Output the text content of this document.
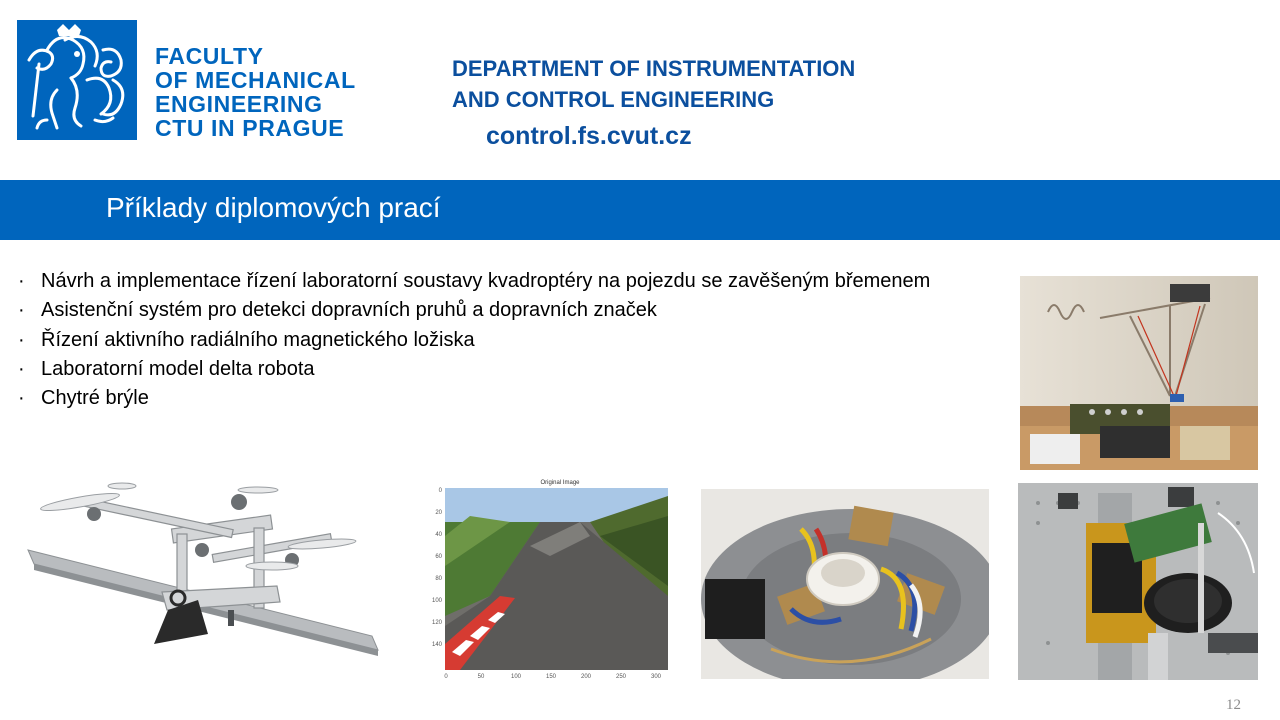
FACULTY
OF MECHANICAL
ENGINEERING
CTU IN PRAGUE
DEPARTMENT OF INSTRUMENTATION
AND CONTROL ENGINEERING
control.fs.cvut.cz
Příklady diplomových prací
· Návrh a implementace řízení laboratorní soustavy kvadroptéry na pojezdu se zavěšeným břemenem
· Asistenční systém pro detekci dopravních pruhů a dopravních značek
· Řízení aktivního radiálního magnetického ložiska
· Laboratorní model delta robota
· Chytré brýle
Original Image
0
20
40
60
80
100
120
140
0	50	100	150	200	250	300
12
